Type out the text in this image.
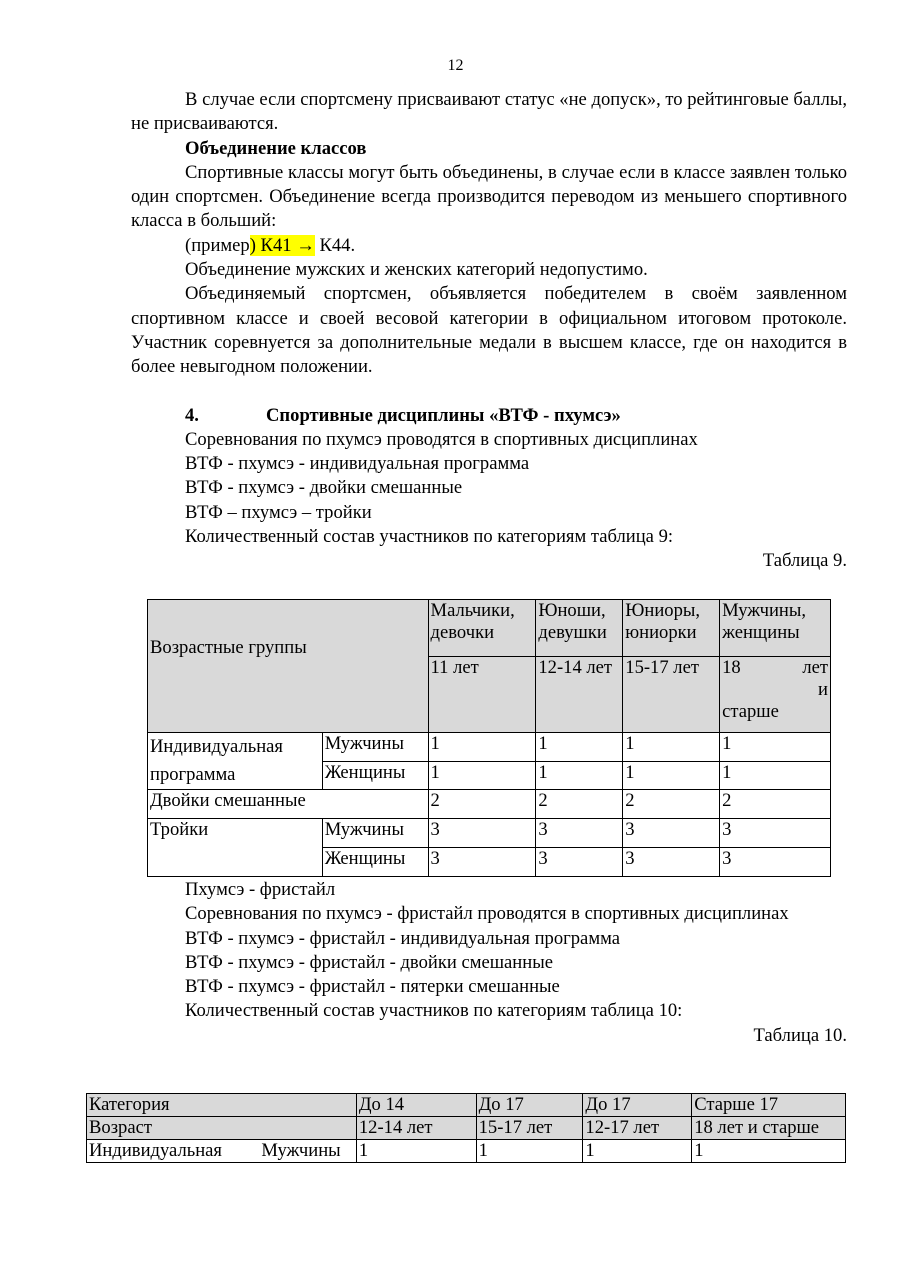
12

В случае если спортсмену присваивают статус «не допуск», то рейтинговые баллы, не присваиваются.

Объединение классов

Спортивные классы могут быть объединены, в случае если в классе заявлен только один спортсмен. Объединение всегда производится переводом из меньшего спортивного класса в больший:

(пример) К41 → К44.

Объединение мужских и женских категорий недопустимо.

Объединяемый спортсмен, объявляется победителем в своём заявленном спортивном классе и своей весовой категории в официальном итоговом протоколе. Участник соревнуется за дополнительные медали в высшем классе, где он находится в более невыгодном положении.

4.	Спортивные дисциплины «ВТФ - пхумсэ»

Соревнования по пхумсэ проводятся в спортивных дисциплинах

ВТФ - пхумсэ - индивидуальная программа

ВТФ - пхумсэ - двойки смешанные

ВТФ – пхумсэ – тройки

Количественный состав участников по категориям таблица 9:

Таблица 9.

Возрастные группы		Мальчики, девочки	Юноши, девушки	Юниоры, юниорки	Мужчины, женщины
		11 лет	12-14 лет	15-17 лет	18 лет
и
старше

Индивидуальная программа	Мужчины	1	1	1	1
	Женщины	1	1	1	1
Двойки смешанные		2	2	2	2
Тройки	Мужчины	3	3	3	3
	Женщины	3	3	3	3

Пхумсэ - фристайл

Соревнования по пхумсэ - фристайл проводятся в спортивных дисциплинах

ВТФ - пхумсэ - фристайл - индивидуальная программа

ВТФ - пхумсэ - фристайл - двойки смешанные

ВТФ - пхумсэ - фристайл - пятерки смешанные

Количественный состав участников по категориям таблица 10:

Таблица 10.

Категория		До 14	До 17	До 17	Старше 17
Возраст		12-14 лет	15-17 лет	12-17 лет	18 лет и старше
Индивидуальная	Мужчины	1	1	1	1
